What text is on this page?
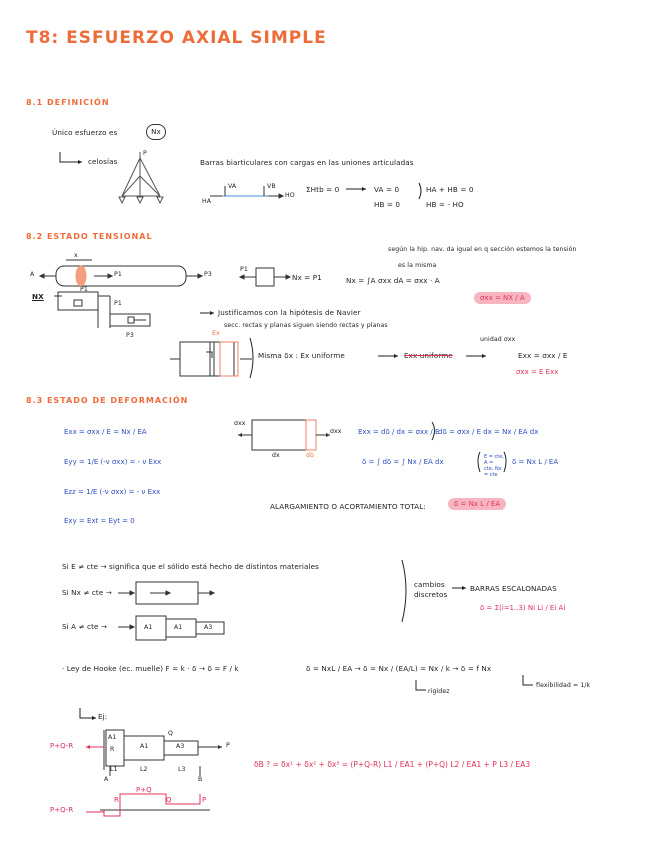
T8: ESFUERZO AXIAL SIMPLE
8.1 DEFINICIÓN
Único esfuerzo es	Nx
celosías
P
Barras biarticulares con cargas en las uniones articuladas
VA	VB
HA
HO
ΣHtb = 0	VA = 0
HB = 0
HA + HB = 0
HB = - HO
8.2 ESTADO TENSIONAL
según la hip. nav. da igual en q sección estemos la tensión
es la misma
Nx = ∫A σxx dA = σxx · A
x
A	P1	P3
P1
Nx = P1
NX
P1
P1
P3
σxx = NX / A
Justificamos con la hipótesis de Navier
secc. rectas y planas siguen siendo rectas y planas
Ex
Misma δx : Ex uniforme	Exx uniforme
unidad σxx
Exx = σxx / E
σxx = E Exx
8.3 ESTADO DE DEFORMACIÓN
Exx = σxx / E = Nx / EA
Eyy = 1/E (-ν σxx) = - ν Exx
Ezz = 1/E (-ν σxx) = - ν Exx
Exy = Ext = Eyt = 0
σxx
σxx
dx	dδ
Exx = dδ / dx = σxx / E
dδ = σxx / E dx = Nx / EA dx
δ = ∫ dδ = ∫ Nx / EA dx
E = cte, A = cte, Nx = cte
δ = Nx L / EA
ALARGAMIENTO O ACORTAMIENTO TOTAL:	δ = Nx L / EA
Si E ≠ cte → significa que el sólido está hecho de distintos materiales
Si Nx ≠ cte →
Si A ≠ cte →	A1	A1	A3
cambios discretos
BARRAS ESCALONADAS
δ = Σ(i=1..3) Ni Li / Ei Ai
· Ley de Hooke (ec. muelle) F = k · δ → δ = F / k	δ = NxL / EA → δ = Nx / (EA/L) = Nx / k → δ = f Nx
rigidez
flexibilidad = 1/k
Ej:
P+Q-R
A1
R	A1
Q
A3	P
L1	L2	L3
A	B
P+Q-R
P+Q
R	Q	P
δB ? = δx¹ + δx² + δx³ = (P+Q-R) L1 / EA1 + (P+Q) L2 / EA1 + P L3 / EA3
